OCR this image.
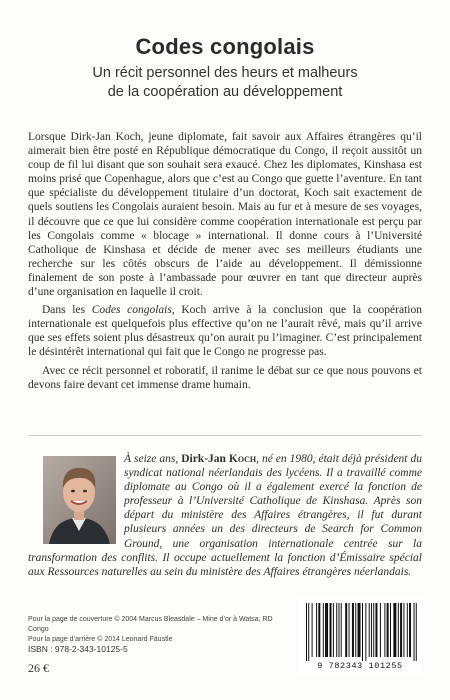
Codes congolais
Un récit personnel des heurs et malheurs
de la coopération au développement

Lorsque Dirk-Jan Koch, jeune diplomate, fait savoir aux Affaires étrangères qu’il aimerait bien être posté en République démocratique du Congo, il reçoit aussitôt un coup de fil lui disant que son souhait sera exaucé. Chez les diplomates, Kinshasa est moins prisé que Copenhague, alors que c’est au Congo que guette l’aventure. En tant que spécialiste du développement titulaire d’un doctorat, Koch sait exactement de quels soutiens les Congolais auraient besoin. Mais au fur et à mesure de ses voyages, il découvre que ce que lui considère comme coopération internationale est perçu par les Congolais comme « blocage » international. Il donne cours à l’Université Catholique de Kinshasa et décide de mener avec ses meilleurs étudiants une recherche sur les côtés obscurs de l’aide au développement. Il démissionne finalement de son poste à l’ambassade pour œuvrer en tant que directeur auprès d’une organisation en laquelle il croit.

Dans les Codes congolais, Koch arrive à la conclusion que la coopération internationale est quelquefois plus effective qu’on ne l’aurait rêvé, mais qu’il arrive que ses effets soient plus désastreux qu’on aurait pu l’imaginer. C’est principalement le désintérêt international qui fait que le Congo ne progresse pas.

Avec ce récit personnel et roboratif, il ranime le débat sur ce que nous pouvons et devons faire devant cet immense drame humain.

À seize ans, Dirk-Jan Koch, né en 1980, était déjà président du syndicat national néerlandais des lycéens. Il a travaillé comme diplomate au Congo où il a également exercé la fonction de professeur à l’Université Catholique de Kinshasa. Après son départ du ministère des Affaires étrangères, il fut durant plusieurs années un des directeurs de Search for Common Ground, une organisation internationale centrée sur la transformation des conflits. Il occupe actuellement la fonction d’Émissaire spécial aux Ressources naturelles au sein du ministère des Affaires étrangères néerlandais.
Pour la page de couverture © 2004 Marcus Bleasdale – Mine d’or à Watsa, RD Congo
Pour la page d’arrière © 2014 Leonard Fäustle
ISBN : 978-2-343-10125-5
26 €	9 782343 101255
